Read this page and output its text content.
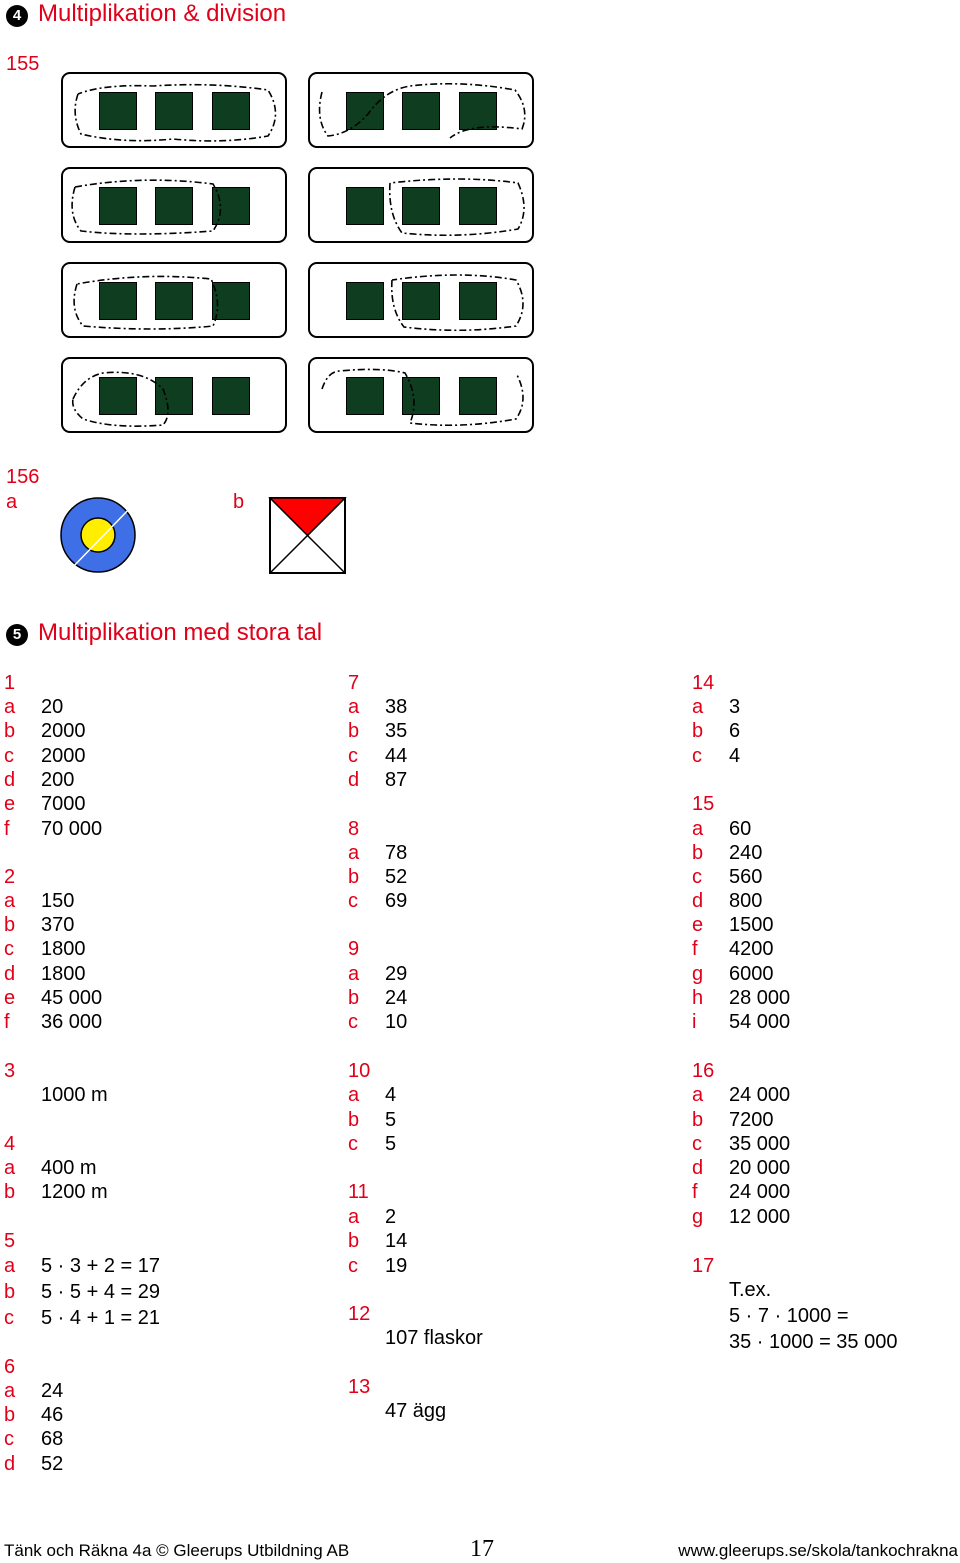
4 Multiplikation & division
155
156
a	b
5 Multiplikation med stora tal
1
a 20
b 2000
c 2000
d 200
e 7000
f 70 000
2
a 150
b 370
c 1800
d 1800
e 45 000
f 36 000
3
1000 m
4
a 400 m
b 1200 m
5
a 5 · 3 + 2 = 17
b 5 · 5 + 4 = 29
c 5 · 4 + 1 = 21
6
a 24
b 46
c 68
d 52
7
a 38
b 35
c 44
d 87
8
a 78
b 52
c 69
9
a 29
b 24
c 10
10
a 4
b 5
c 5
11
a 2
b 14
c 19
12
107 flaskor
13
47 ägg
14
a 3
b 6
c 4
15
a 60
b 240
c 560
d 800
e 1500
f 4200
g 6000
h 28 000
i 54 000
16
a 24 000
b 7200
c 35 000
d 20 000
f 24 000
g 12 000
17
T.ex.
5 · 7 · 1000 =
35 · 1000 = 35 000
Tänk och Räkna 4a © Gleerups Utbildning AB	17	www.gleerups.se/skola/tankochrakna
